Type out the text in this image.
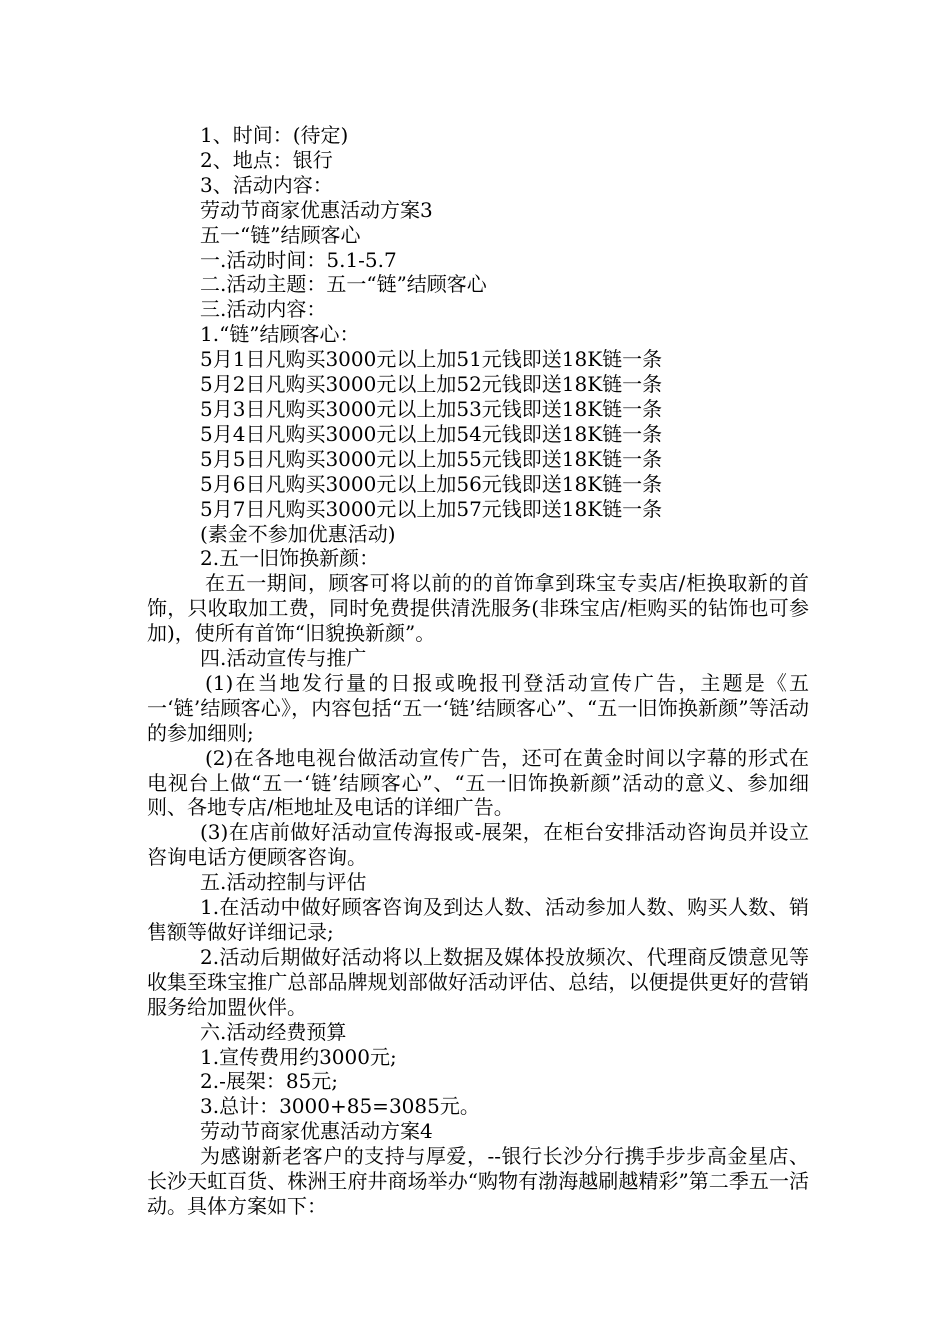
1、时间：(待定)
2、地点：银行
3、活动内容：
劳动节商家优惠活动方案3
五一“链”结顾客心
一.活动时间：5.1-5.7
二.活动主题：五一“链”结顾客心
三.活动内容：
1.“链”结顾客心：
5月1日凡购买3000元以上加51元钱即送18K链一条
5月2日凡购买3000元以上加52元钱即送18K链一条
5月3日凡购买3000元以上加53元钱即送18K链一条
5月4日凡购买3000元以上加54元钱即送18K链一条
5月5日凡购买3000元以上加55元钱即送18K链一条
5月6日凡购买3000元以上加56元钱即送18K链一条
5月7日凡购买3000元以上加57元钱即送18K链一条
(素金不参加优惠活动)
2.五一旧饰换新颜：
在五一期间，顾客可将以前的的首饰拿到珠宝专卖店/柜换取新的首饰，只收取加工费，同时免费提供清洗服务(非珠宝店/柜购买的钻饰也可参加)，使所有首饰“旧貌换新颜”。
四.活动宣传与推广
(1)在当地发行量的日报或晚报刊登活动宣传广告，主题是《五一‘链’结顾客心》，内容包括“五一‘链’结顾客心”、“五一旧饰换新颜”等活动的参加细则;
(2)在各地电视台做活动宣传广告，还可在黄金时间以字幕的形式在电视台上做“五一‘链’结顾客心”、“五一旧饰换新颜”活动的意义、参加细则、各地专店/柜地址及电话的详细广告。
(3)在店前做好活动宣传海报或-展架，在柜台安排活动咨询员并设立咨询电话方便顾客咨询。
五.活动控制与评估
1.在活动中做好顾客咨询及到达人数、活动参加人数、购买人数、销售额等做好详细记录;
2.活动后期做好活动将以上数据及媒体投放频次、代理商反馈意见等收集至珠宝推广总部品牌规划部做好活动评估、总结，以便提供更好的营销服务给加盟伙伴。
六.活动经费预算
1.宣传费用约3000元;
2.-展架：85元;
3.总计：3000+85=3085元。
劳动节商家优惠活动方案4
为感谢新老客户的支持与厚爱，--银行长沙分行携手步步高金星店、长沙天虹百货、株洲王府井商场举办“购物有渤海越刷越精彩”第二季五一活动。具体方案如下：
